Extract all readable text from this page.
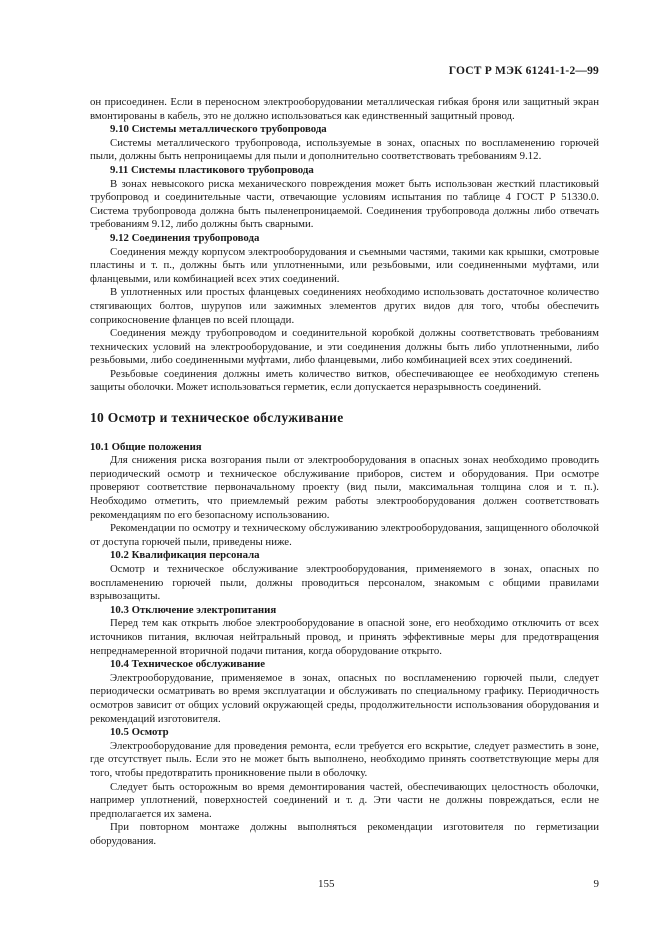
ГОСТ Р МЭК 61241-1-2—99

он присоединен. Если в переносном электрооборудовании металлическая гибкая броня или защитный экран вмонтированы в кабель, это не должно использоваться как единственный защитный провод.

9.10 Системы металлического трубопровода

Системы металлического трубопровода, используемые в зонах, опасных по воспламенению горючей пыли, должны быть непроницаемы для пыли и дополнительно соответствовать требованиям 9.12.

9.11 Системы пластикового трубопровода

В зонах невысокого риска механического повреждения может быть использован жесткий пластиковый трубопровод и соединительные части, отвечающие условиям испытания по таблице 4 ГОСТ Р 51330.0. Система трубопровода должна быть пыленепроницаемой. Соединения трубопровода должны либо отвечать требованиям 9.12, либо должны быть сварными.

9.12 Соединения трубопровода

Соединения между корпусом электрооборудования и съемными частями, такими как крышки, смотровые пластины и т. п., должны быть или уплотненными, или резьбовыми, или соединенными муфтами, или фланцевыми, или комбинацией всех этих соединений.

В уплотненных или простых фланцевых соединениях необходимо использовать достаточное количество стягивающих болтов, шурупов или зажимных элементов других видов для того, чтобы обеспечить соприкосновение фланцев по всей площади.

Соединения между трубопроводом и соединительной коробкой должны соответствовать требованиям технических условий на электрооборудование, и эти соединения должны быть либо уплотненными, либо резьбовыми, либо соединенными муфтами, либо фланцевыми, либо комбинацией всех этих соединений.

Резьбовые соединения должны иметь количество витков, обеспечивающее ее необходимую степень защиты оболочки. Может использоваться герметик, если допускается неразрывность соединений.

10 Осмотр и техническое обслуживание

10.1 Общие положения

Для снижения риска возгорания пыли от электрооборудования в опасных зонах необходимо проводить периодический осмотр и техническое обслуживание приборов, систем и оборудования. При осмотре проверяют соответствие первоначальному проекту (вид пыли, максимальная толщина слоя и т. п.). Необходимо отметить, что приемлемый режим работы электрооборудования должен соответствовать рекомендациям по его безопасному использованию.

Рекомендации по осмотру и техническому обслуживанию электрооборудования, защищенного оболочкой от доступа горючей пыли, приведены ниже.

10.2 Квалификация персонала

Осмотр и техническое обслуживание электрооборудования, применяемого в зонах, опасных по воспламенению горючей пыли, должны проводиться персоналом, знакомым с общими правилами взрывозащиты.

10.3 Отключение электропитания

Перед тем как открыть любое электрооборудование в опасной зоне, его необходимо отключить от всех источников питания, включая нейтральный провод, и принять эффективные меры для предотвращения непреднамеренной вторичной подачи питания, когда оборудование открыто.

10.4 Техническое обслуживание

Электрооборудование, применяемое в зонах, опасных по воспламенению горючей пыли, следует периодически осматривать во время эксплуатации и обслуживать по специальному графику. Периодичность осмотров зависит от общих условий окружающей среды, продолжительности использования оборудования и рекомендаций изготовителя.

10.5 Осмотр

Электрооборудование для проведения ремонта, если требуется его вскрытие, следует разместить в зоне, где отсутствует пыль. Если это не может быть выполнено, необходимо принять соответствующие меры для того, чтобы предотвратить проникновение пыли в оболочку.

Следует быть осторожным во время демонтирования частей, обеспечивающих целостность оболочки, например уплотнений, поверхностей соединений и т. д. Эти части не должны повреждаться, если не предполагается их замена.

При повторном монтаже должны выполняться рекомендации изготовителя по герметизации оборудования.

155	9
